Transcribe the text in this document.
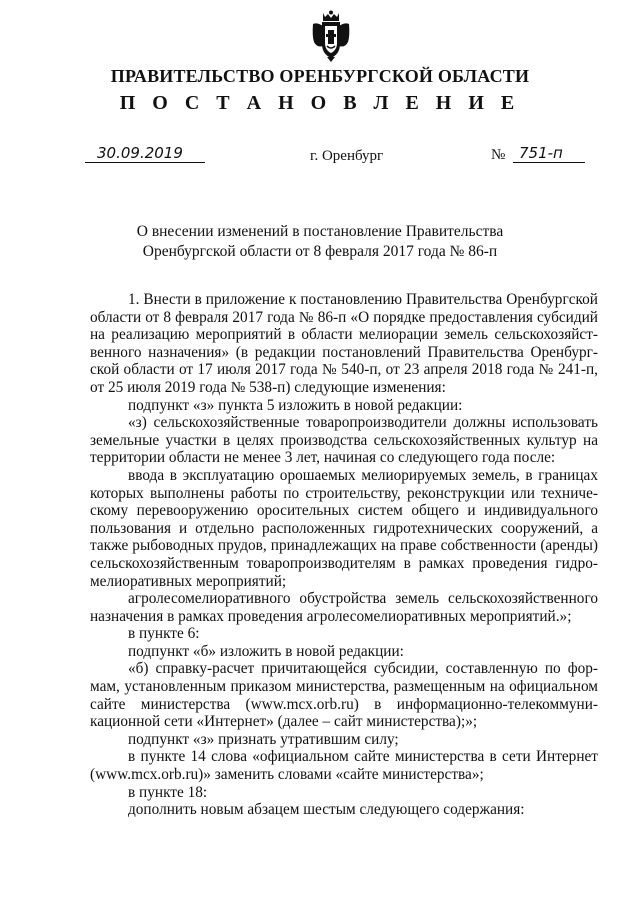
ПРАВИТЕЛЬСТВО ОРЕНБУРГСКОЙ ОБЛАСТИ
П О С Т А Н О В Л Е Н И Е
30.09.2019	г. Оренбург	№ 751-п
О внесении изменений в постановление Правительства
Оренбургской области от 8 февраля 2017 года № 86-п
1. Внести в приложение к постановлению Правительства Оренбургской
области от 8 февраля 2017 года № 86-п «О порядке предоставления субсидий
на реализацию мероприятий в области мелиорации земель сельскохозяйст-
венного назначения» (в редакции постановлений Правительства Оренбург-
ской области от 17 июля 2017 года № 540-п, от 23 апреля 2018 года № 241-п,
от 25 июля 2019 года № 538-п) следующие изменения:
подпункт «з» пункта 5 изложить в новой редакции:
«з) сельскохозяйственные товаропроизводители должны использовать
земельные участки в целях производства сельскохозяйственных культур на
территории области не менее 3 лет, начиная со следующего года после:
ввода в эксплуатацию орошаемых мелиорируемых земель, в границах
которых выполнены работы по строительству, реконструкции или техниче-
скому перевооружению оросительных систем общего и индивидуального
пользования и отдельно расположенных гидротехнических сооружений, а
также рыбоводных прудов, принадлежащих на праве собственности (аренды)
сельскохозяйственным товаропроизводителям в рамках проведения гидро-
мелиоративных мероприятий;
агролесомелиоративного обустройства земель сельскохозяйственного
назначения в рамках проведения агролесомелиоративных мероприятий.»;
в пункте 6:
подпункт «б» изложить в новой редакции:
«б) справку-расчет причитающейся субсидии, составленную по фор-
мам, установленным приказом министерства, размещенным на официальном
сайте министерства (www.mcx.orb.ru) в информационно-телекоммуни-
кационной сети «Интернет» (далее – сайт министерства);»;
подпункт «з» признать утратившим силу;
в пункте 14 слова «официальном сайте министерства в сети Интернет
(www.mcx.orb.ru)» заменить словами «сайте министерства»;
в пункте 18:
дополнить новым абзацем шестым следующего содержания:
